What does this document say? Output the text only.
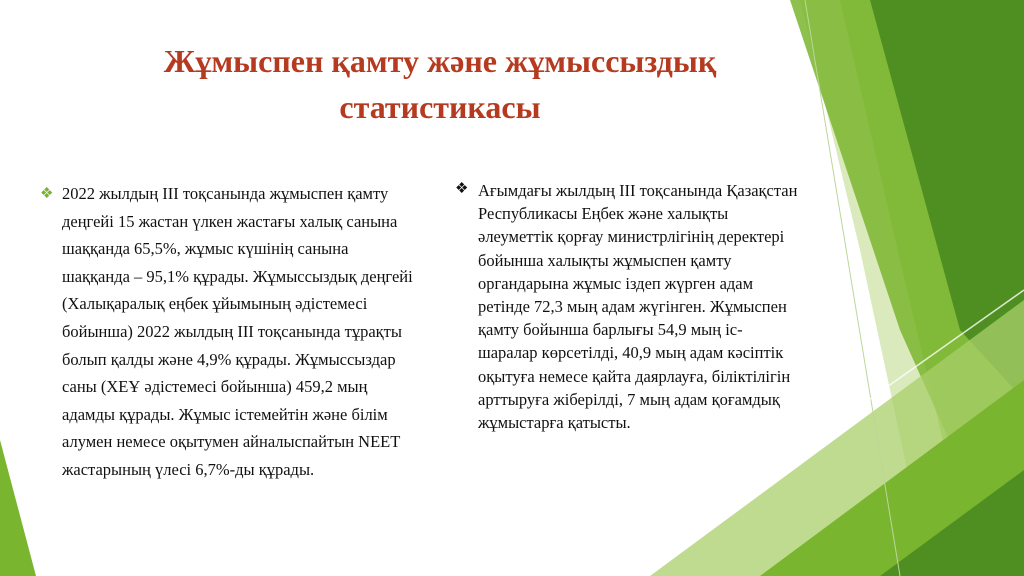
Жұмыспен қамту және жұмыссыздық статистикасы
❖ 2022 жылдың III тоқсанында жұмыспен қамту деңгейі 15 жастан үлкен жастағы халық санына шаққанда 65,5%, жұмыс күшінің санына шаққанда – 95,1% құрады. Жұмыссыздық деңгейі (Халықаралық еңбек ұйымының әдістемесі бойынша) 2022 жылдың III тоқсанында тұрақты болып қалды және 4,9% құрады. Жұмыссыздар саны (ХЕҰ әдістемесі бойынша) 459,2 мың адамды құрады. Жұмыс істемейтін және білім алумен немесе оқытумен айналыспайтын NEET жастарының үлесі 6,7%-ды құрады.
❖ Ағымдағы жылдың III тоқсанында Қазақстан Республикасы Еңбек және халықты әлеуметтік қорғау министрлігінің деректері бойынша халықты жұмыспен қамту органдарына жұмыс іздеп жүрген адам ретінде 72,3 мың адам жүгінген. Жұмыспен қамту бойынша барлығы 54,9 мың іс-шаралар көрсетілді, 40,9 мың адам кәсіптік оқытуға немесе қайта даярлауға, біліктілігін арттыруға жіберілді, 7 мың адам қоғамдық жұмыстарға қатысты.
